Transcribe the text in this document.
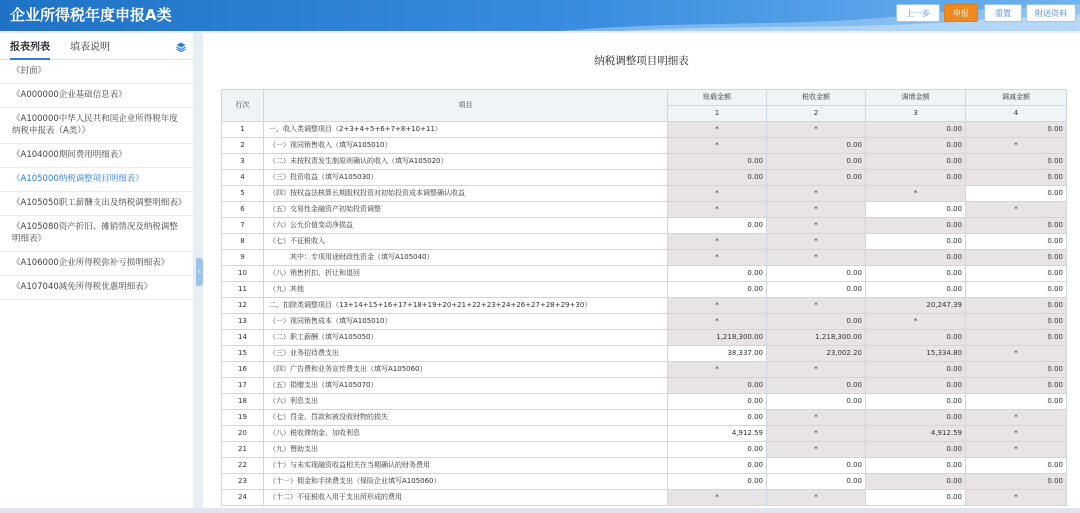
企业所得税年度申报A类	上一步	申报	重置	附送资料
报表列表 填表说明
《封面》
《A000000企业基础信息表》
《A100000中华人民共和国企业所得税年度纳税申报表（A类）》
《A104000期间费用明细表》
《A105000纳税调整项目明细表》
《A105050职工薪酬支出及纳税调整明细表》
《A105080资产折旧、摊销情况及纳税调整明细表》
《A106000企业所得税弥补亏损明细表》
《A107040减免所得税优惠明细表》
‹
纳税调整项目明细表
行次	项目	账载金额	税收金额	调增金额	调减金额
		1	2	3	4
1	一、收入类调整项目（2+3+4+5+6+7+8+10+11）	*	*	0.00	0.00
2	（一）视同销售收入（填写A105010）	*	0.00	0.00	*
3	（二）未按权责发生制原则确认的收入（填写A105020）	0.00	0.00	0.00	0.00
4	（三）投资收益（填写A105030）	0.00	0.00	0.00	0.00
5	（四）按权益法核算长期股权投资对初始投资成本调整确认收益	*	*	*	0.00
6	（五）交易性金融资产初始投资调整	*	*	0.00	*
7	（六）公允价值变动净损益	0.00	*	0.00	0.00
8	（七）不征税收入	*	*	0.00	0.00
9	其中：专项用途财政性资金（填写A105040）	*	*	0.00	0.00
10	（八）销售折扣、折让和退回	0.00	0.00	0.00	0.00
11	（九）其他	0.00	0.00	0.00	0.00
12	二、扣除类调整项目（13+14+15+16+17+18+19+20+21+22+23+24+26+27+28+29+30）	*	*	20,247.39	0.00
13	（一）视同销售成本（填写A105010）	*	0.00	*	0.00
14	（二）职工薪酬（填写A105050）	1,218,300.00	1,218,300.00	0.00	0.00
15	（三）业务招待费支出	38,337.00	23,002.20	15,334.80	*
16	（四）广告费和业务宣传费支出（填写A105060）	*	*	0.00	0.00
17	（五）捐赠支出（填写A105070）	0.00	0.00	0.00	0.00
18	（六）利息支出	0.00	0.00	0.00	0.00
19	（七）罚金、罚款和被没收财物的损失	0.00	*	0.00	*
20	（八）税收滞纳金、加收利息	4,912.59	*	4,912.59	*
21	（九）赞助支出	0.00	*	0.00	*
22	（十）与未实现融资收益相关在当期确认的财务费用	0.00	0.00	0.00	0.00
23	（十一）佣金和手续费支出（保险企业填写A105060）	0.00	0.00	0.00	0.00
24	（十二）不征税收入用于支出所形成的费用	*	*	0.00	*
